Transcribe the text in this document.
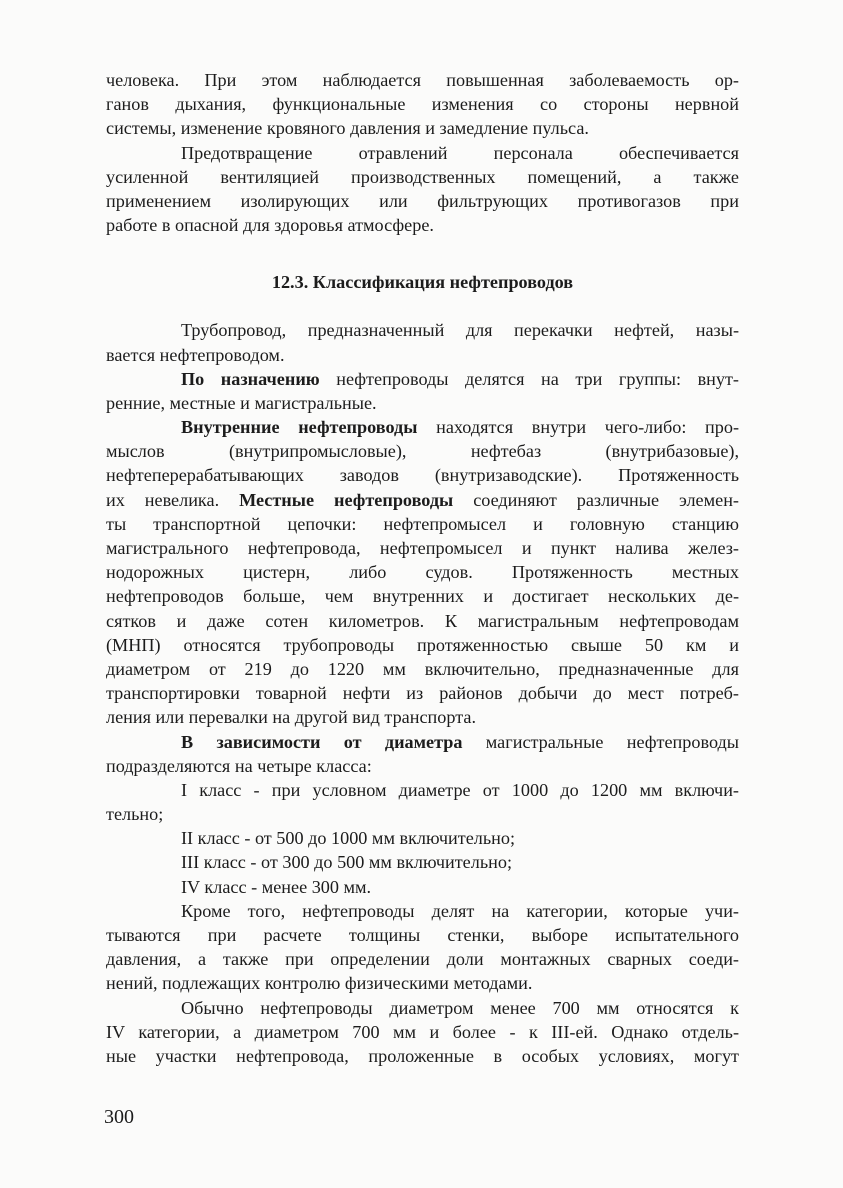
человека. При этом наблюдается повышенная заболеваемость ор-
ганов дыхания, функциональные изменения со стороны нервной
системы, изменение кровяного давления и замедление пульса.
Предотвращение отравлений персонала обеспечивается
усиленной вентиляцией производственных помещений, а также
применением изолирующих или фильтрующих противогазов при
работе в опасной для здоровья атмосфере.
12.3. Классификация нефтепроводов
Трубопровод, предназначенный для перекачки нефтей, назы-
вается нефтепроводом.
По назначению нефтепроводы делятся на три группы: внут-
ренние, местные и магистральные.
Внутренние нефтепроводы находятся внутри чего-либо: про-
мыслов (внутрипромысловые), нефтебаз (внутрибазовые),
нефтеперерабатывающих заводов (внутризаводские). Протяженность
их невелика. Местные нефтепроводы соединяют различные элемен-
ты транспортной цепочки: нефтепромысел и головную станцию
магистрального нефтепровода, нефтепромысел и пункт налива желез-
нодорожных цистерн, либо судов. Протяженность местных
нефтепроводов больше, чем внутренних и достигает нескольких де-
сятков и даже сотен километров. К магистральным нефтепроводам
(МНП) относятся трубопроводы протяженностью свыше 50 км и
диаметром от 219 до 1220 мм включительно, предназначенные для
транспортировки товарной нефти из районов добычи до мест потреб-
ления или перевалки на другой вид транспорта.
В зависимости от диаметра магистральные нефтепроводы
подразделяются на четыре класса:
I класс - при условном диаметре от 1000 до 1200 мм включи-
тельно;
II класс - от 500 до 1000 мм включительно;
III класс - от 300 до 500 мм включительно;
IV класс - менее 300 мм.
Кроме того, нефтепроводы делят на категории, которые учи-
тываются при расчете толщины стенки, выборе испытательного
давления, а также при определении доли монтажных сварных соеди-
нений, подлежащих контролю физическими методами.
Обычно нефтепроводы диаметром менее 700 мм относятся к
IV категории, а диаметром 700 мм и более - к III-ей. Однако отдель-
ные участки нефтепровода, проложенные в особых условиях, могут
300
